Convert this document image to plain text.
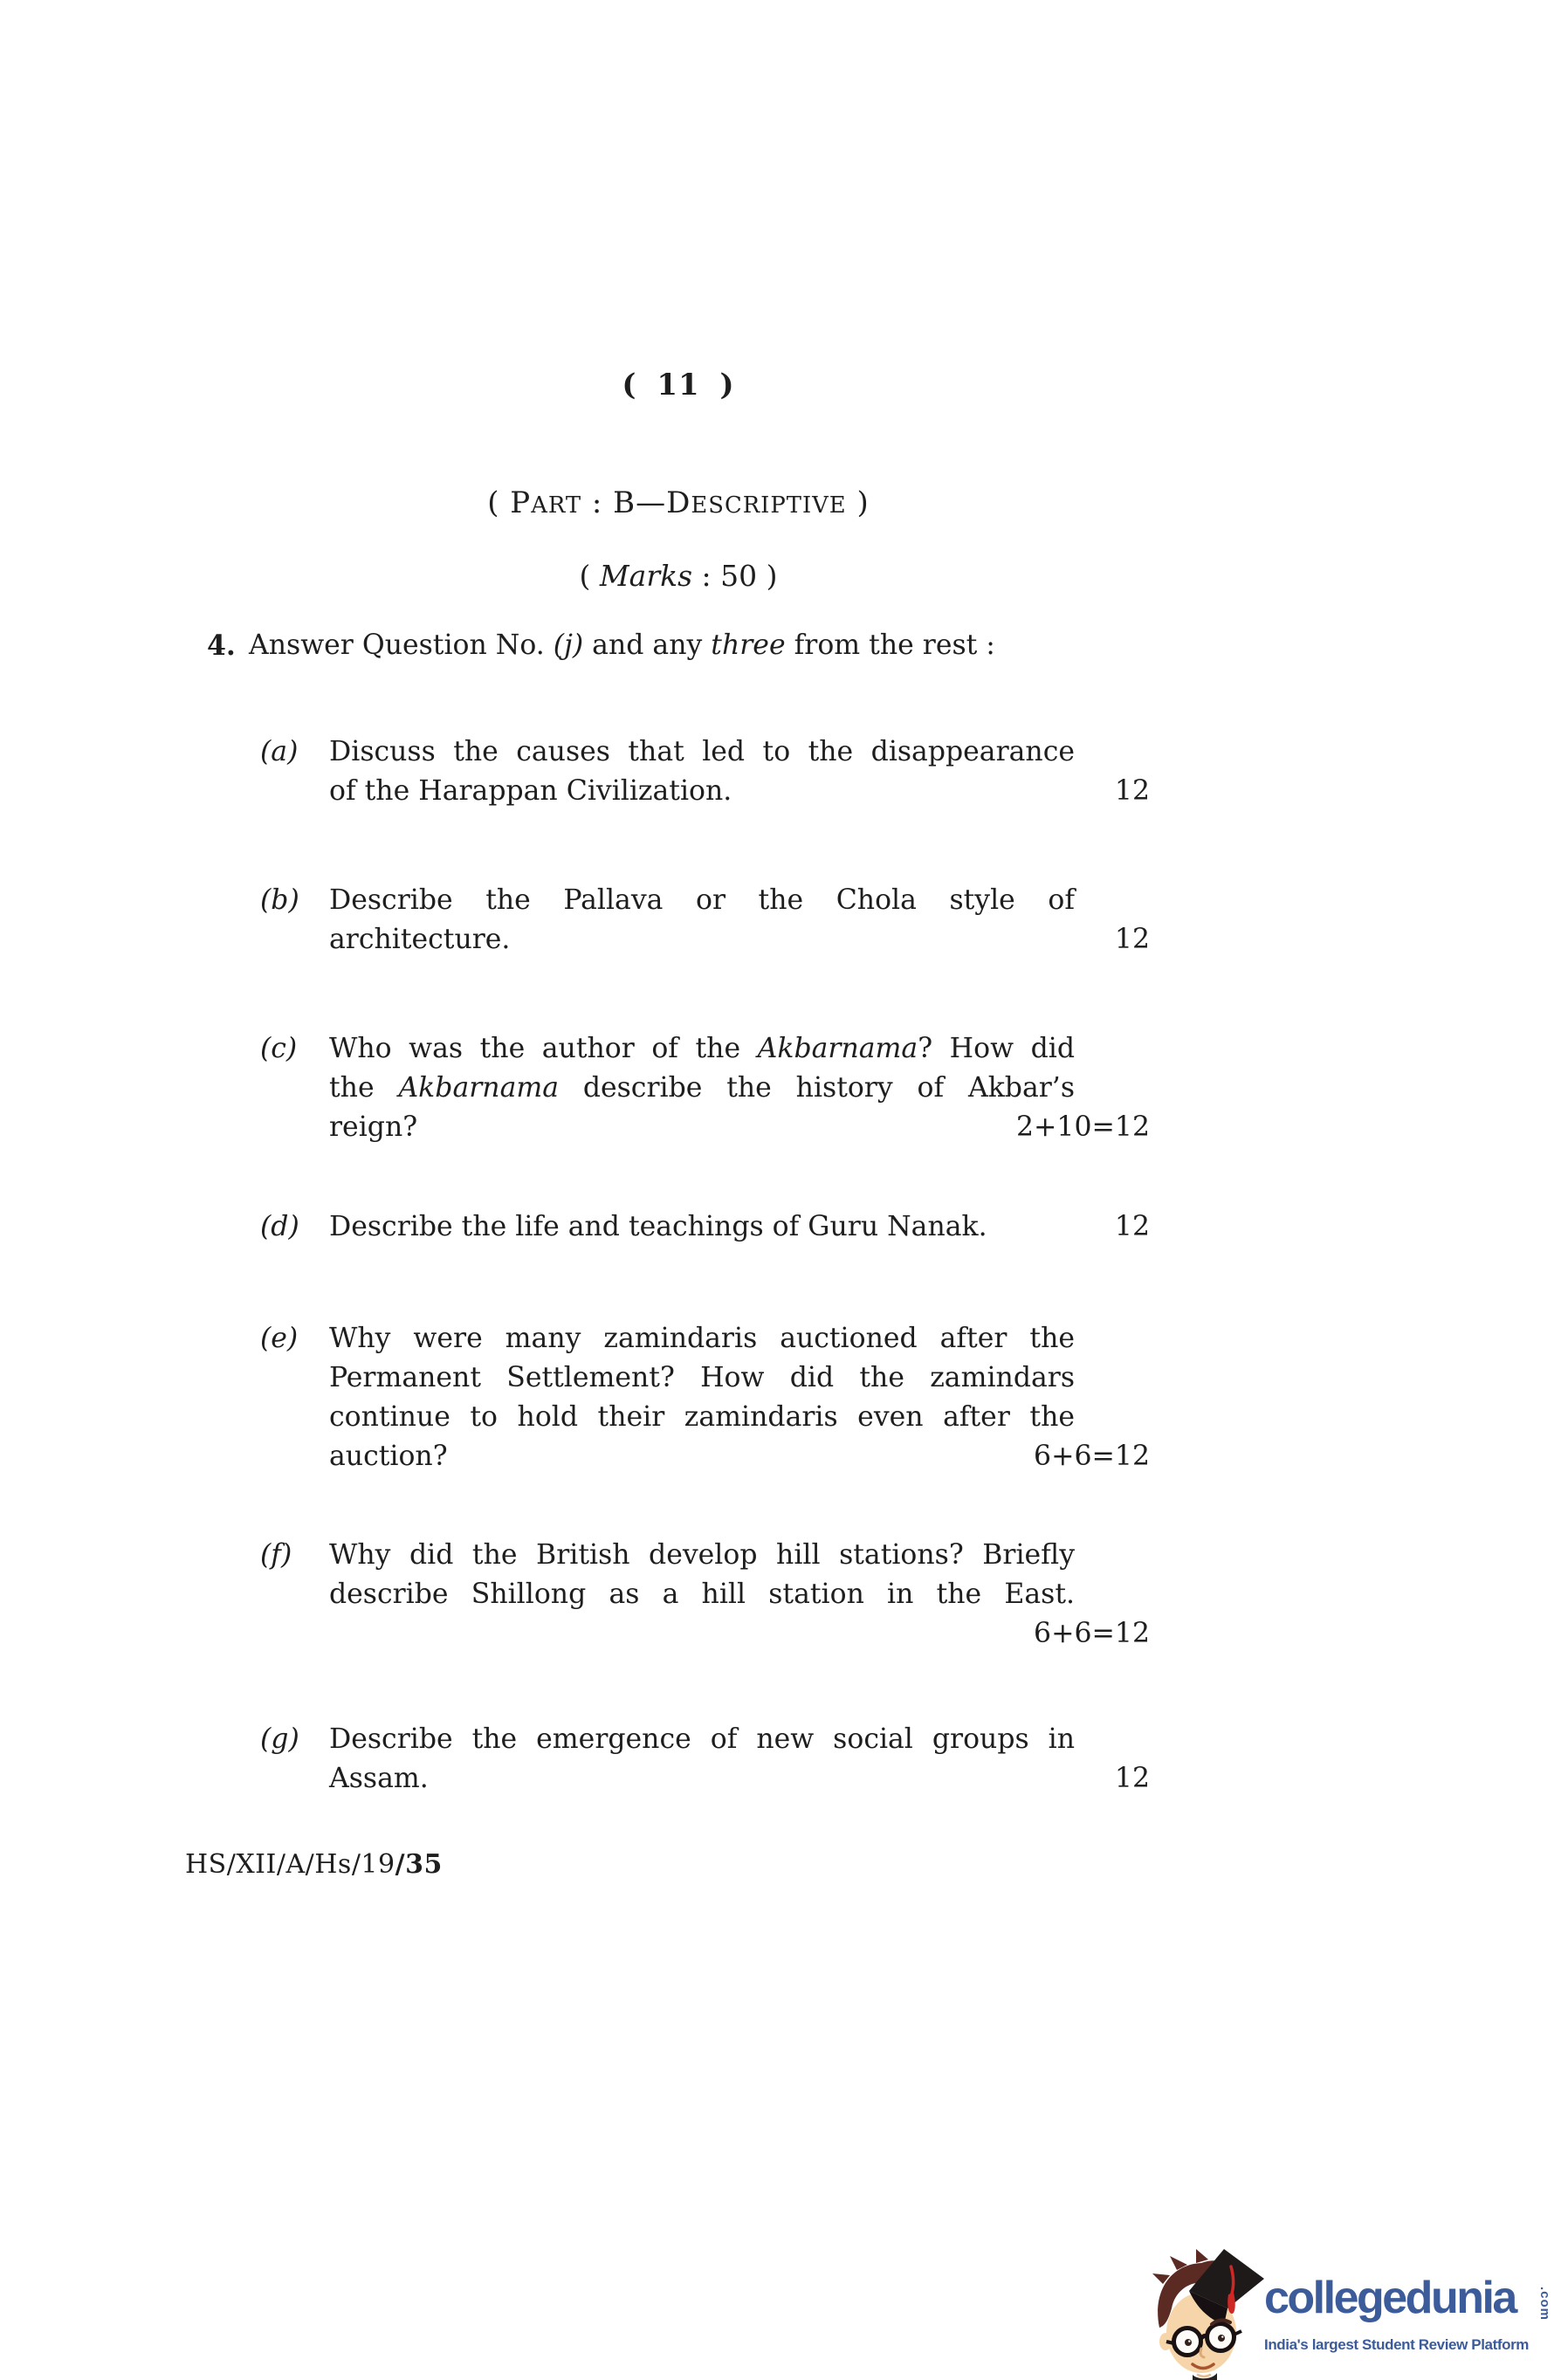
( 11 )
( PART : B—DESCRIPTIVE )
( Marks : 50 )
4. Answer Question No. (j) and any three from the rest :
(a) Discuss the causes that led to the disappearance
of the Harappan Civilization.	12
(b) Describe the Pallava or the Chola style of
architecture.	12
(c) Who was the author of the Akbarnama? How did
the Akbarnama describe the history of Akbar’s
reign?	2+10=12
(d) Describe the life and teachings of Guru Nanak.	12
(e) Why were many zamindaris auctioned after the
Permanent Settlement? How did the zamindars
continue to hold their zamindaris even after the
auction?	6+6=12
(f) Why did the British develop hill stations? Briefly
describe Shillong as a hill station in the East.
6+6=12
(g) Describe the emergence of new social groups in
Assam.	12
HS/XII/A/Hs/19/35
collegedunia .com
India's largest Student Review Platform
